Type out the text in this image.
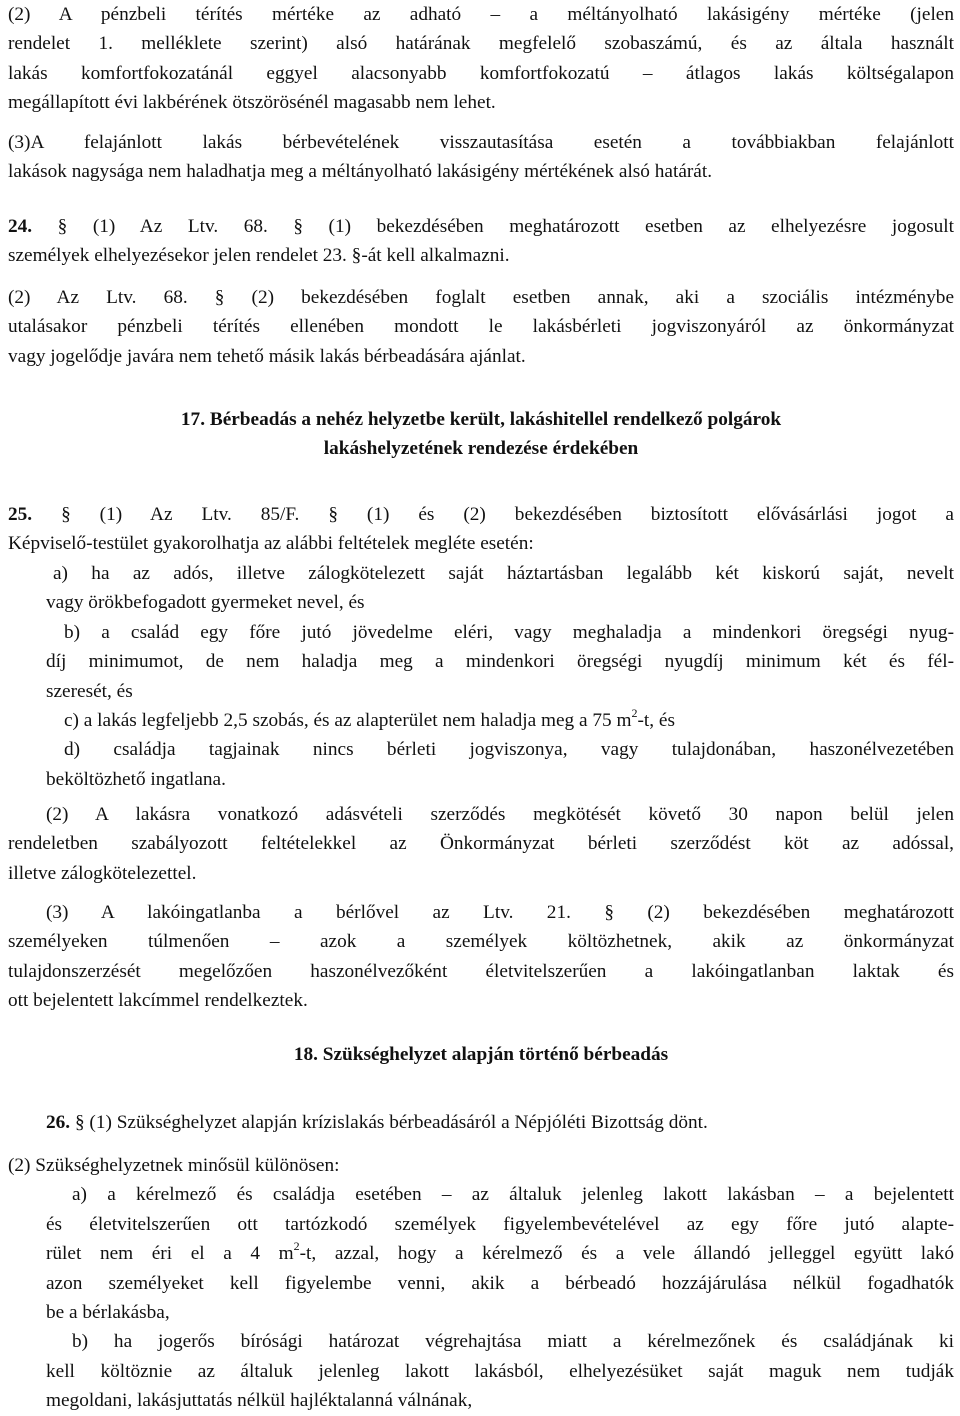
(2) A pénzbeli térítés mértéke az adható – a méltányolható lakásigény mértéke (jelen
rendelet 1. melléklete szerint) alsó határának megfelelő szobaszámú, és az általa használt
lakás komfortfokozatánál eggyel alacsonyabb komfortfokozatú – átlagos lakás költségalapon
megállapított évi lakbérének ötszörösénél magasabb nem lehet.
(3)A felajánlott lakás bérbevételének visszautasítása esetén a továbbiakban felajánlott
lakások nagysága nem haladhatja meg a méltányolható lakásigény mértékének alsó határát.
24. § (1) Az Ltv. 68. § (1) bekezdésében meghatározott esetben az elhelyezésre jogosult
személyek elhelyezésekor jelen rendelet 23. §-át kell alkalmazni.
(2) Az Ltv. 68. § (2) bekezdésében foglalt esetben annak, aki a szociális intézménybe
utalásakor pénzbeli térítés ellenében mondott le lakásbérleti jogviszonyáról az önkormányzat
vagy jogelődje javára nem tehető másik lakás bérbeadására ajánlat.
17. Bérbeadás a nehéz helyzetbe került, lakáshitellel rendelkező polgárok
lakáshelyzetének rendezése érdekében
25. § (1) Az Ltv. 85/F. § (1) és (2) bekezdésében biztosított elővásárlási jogot a
Képviselő-testület gyakorolhatja az alábbi feltételek megléte esetén:
a) ha az adós, illetve zálogkötelezett saját háztartásban legalább két kiskorú saját, nevelt
vagy örökbefogadott gyermeket nevel, és
b) a család egy főre jutó jövedelme eléri, vagy meghaladja a mindenkori öregségi nyug-
díj minimumot, de nem haladja meg a mindenkori öregségi nyugdíj minimum két és fél-
szeresét, és
c) a lakás legfeljebb 2,5 szobás, és az alapterület nem haladja meg a 75 $m^2-t$, és
d) családja tagjainak nincs bérleti jogviszonya, vagy tulajdonában, haszonélvezetében
beköltözhető ingatlana.
(2) A lakásra vonatkozó adásvételi szerződés megkötését követő 30 napon belül jelen
rendeletben szabályozott feltételekkel az Önkormányzat bérleti szerződést köt az adóssal,
illetve zálogkötelezettel.
(3) A lakóingatlanba a bérlővel az Ltv. 21. § (2) bekezdésében meghatározott
személyeken túlmenően – azok a személyek költözhetnek, akik az önkormányzat
tulajdonszerzését megelőzően haszonélvezőként életvitelszerűen a lakóingatlanban laktak és
ott bejelentett lakcímmel rendelkeztek.
18. Szükséghelyzet alapján történő bérbeadás
26. § (1) Szükséghelyzet alapján krízislakás bérbeadásáról a Népjóléti Bizottság dönt.
(2) Szükséghelyzetnek minősül különösen:
a) a kérelmező és családja esetében – az általuk jelenleg lakott lakásban – a bejelentett
és életvitelszerűen ott tartózkodó személyek figyelembevételével az egy főre jutó alapte-
rület nem éri el a 4 $m^2-t$, azzal, hogy a kérelmező és a vele állandó jelleggel együtt lakó
azon személyeket kell figyelembe venni, akik a bérbeadó hozzájárulása nélkül fogadhatók
be a bérlakásba,
b) ha jogerős bírósági határozat végrehajtása miatt a kérelmezőnek és családjának ki
kell költöznie az általuk jelenleg lakott lakásból, elhelyezésüket saját maguk nem tudják
megoldani, lakásjuttatás nélkül hajléktalanná válnának,
